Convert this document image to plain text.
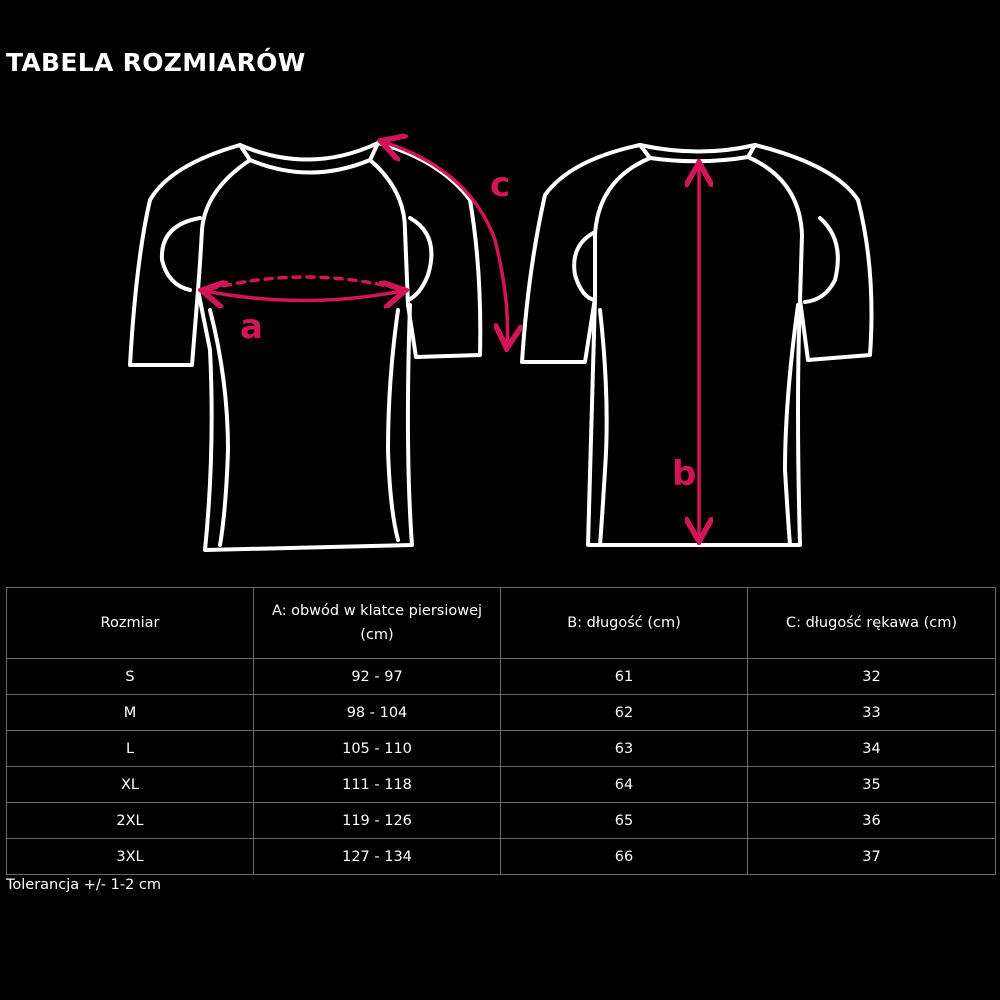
TABELA ROZMIARÓW
a
c
b
Rozmiar	A: obwód w klatce piersiowej (cm)	B: długość (cm)	C: długość rękawa (cm)
S	92 - 97	61	32
M	98 - 104	62	33
L	105 - 110	63	34
XL	111 - 118	64	35
2XL	119 - 126	65	36
3XL	127 - 134	66	37
Tolerancja +/- 1-2 cm
